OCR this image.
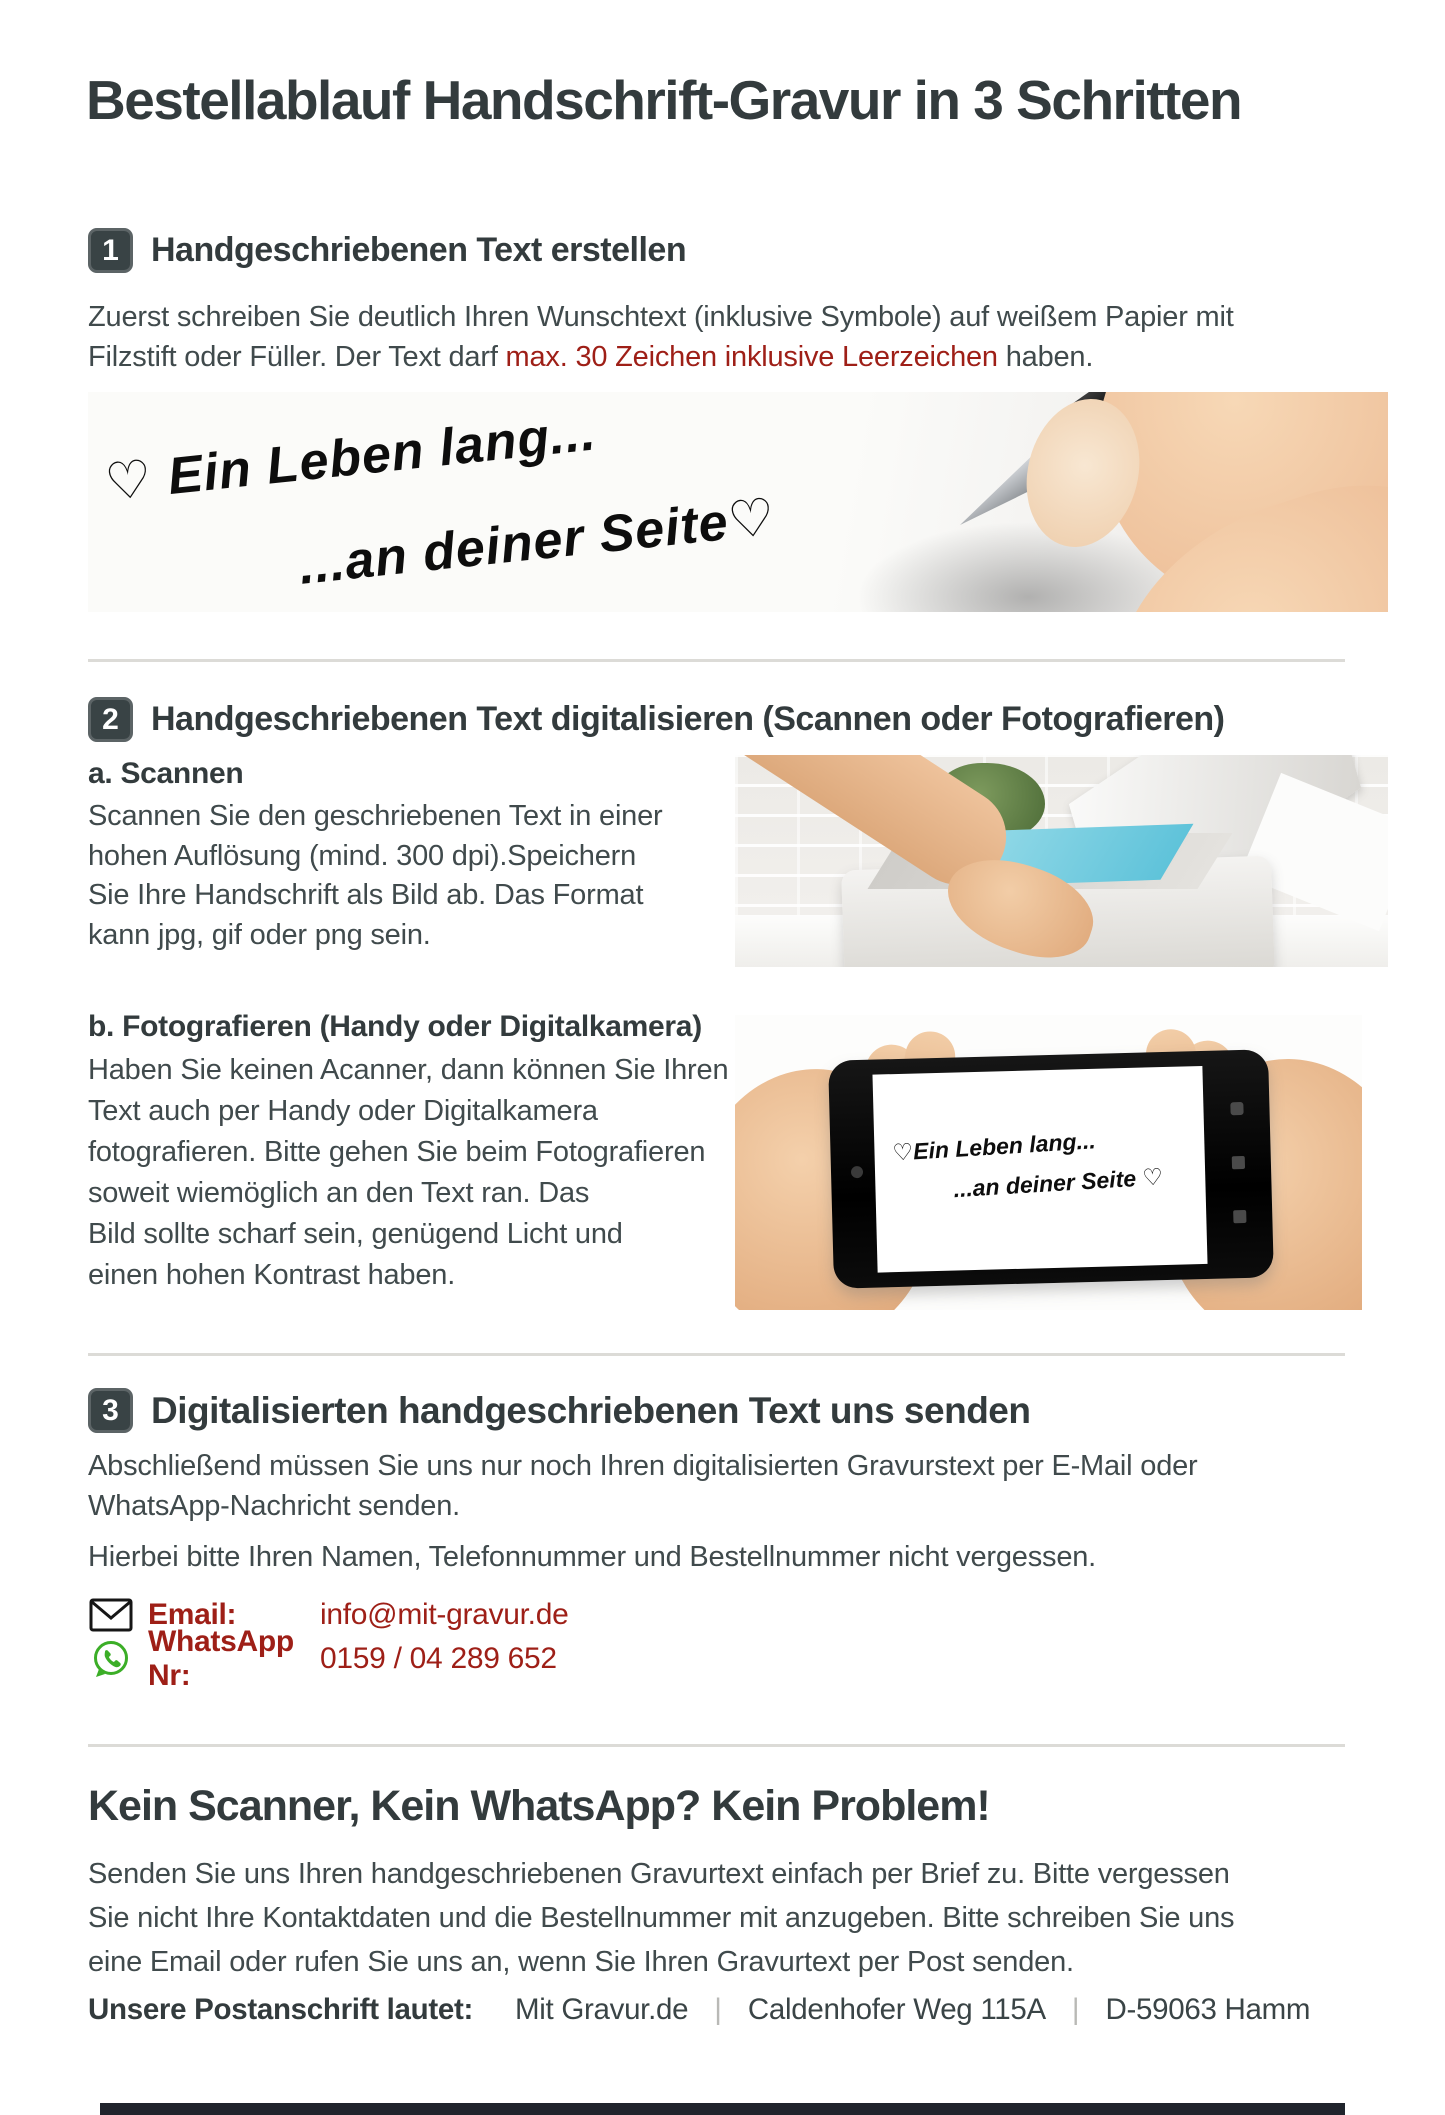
Bestellablauf Handschrift-Gravur in 3 Schritten
1 Handgeschriebenen Text erstellen
Zuerst schreiben Sie deutlich Ihren Wunschtext (inklusive Symbole) auf weißem Papier mit
Filzstift oder Füller. Der Text darf max. 30 Zeichen inklusive Leerzeichen haben.
♡ Ein Leben lang...
...an deiner Seite♡
2 Handgeschriebenen Text digitalisieren (Scannen oder Fotografieren)
a. Scannen
Scannen Sie den geschriebenen Text in einer
hohen Auflösung (mind. 300 dpi).Speichern
Sie Ihre Handschrift als Bild ab. Das Format
kann jpg, gif oder png sein.
b. Fotografieren (Handy oder Digitalkamera)
Haben Sie keinen Acanner, dann können Sie Ihren
Text auch per Handy oder Digitalkamera
fotografieren. Bitte gehen Sie beim Fotografieren
soweit wiemöglich an den Text ran. Das
Bild sollte scharf sein, genügend Licht und
einen hohen Kontrast haben.
♡Ein Leben lang...
...an deiner Seite ♡
3 Digitalisierten handgeschriebenen Text uns senden
Abschließend müssen Sie uns nur noch Ihren digitalisierten Gravurstext per E-Mail oder
WhatsApp-Nachricht senden.
Hierbei bitte Ihren Namen, Telefonnummer und Bestellnummer nicht vergessen.
Email:	info@mit-gravur.de
WhatsApp Nr:
0159 / 04 289 652
Kein Scanner, Kein WhatsApp? Kein Problem!
Senden Sie uns Ihren handgeschriebenen Gravurtext einfach per Brief zu. Bitte vergessen
Sie nicht Ihre Kontaktdaten und die Bestellnummer mit anzugeben. Bitte schreiben Sie uns
eine Email oder rufen Sie uns an, wenn Sie Ihren Gravurtext per Post senden.
Unsere Postanschrift lautet: Mit Gravur.de | Caldenhofer Weg 115A | D-59063 Hamm
